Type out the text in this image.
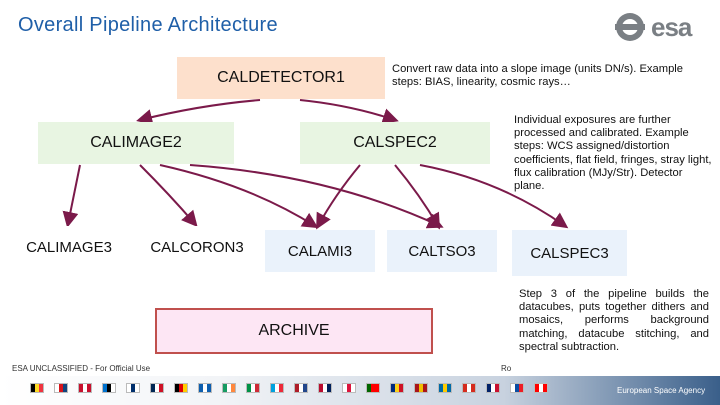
Overall Pipeline Architecture	esa
CALDETECTOR1
CALIMAGE2	CALSPEC2
CALIMAGE3	CALCORON3	CALAMI3	CALTSO3	CALSPEC3
ARCHIVE
Convert raw data into a slope image (units DN/s). Example steps: BIAS, linearity, cosmic rays…
Individual exposures are further processed and calibrated. Example steps: WCS assigned/distortion coefficients, flat field, fringes, stray light, flux calibration (MJy/Str). Detector plane.
Step 3 of the pipeline builds the datacubes, puts together dithers and mosaics, performs background matching, datacube stitching, and spectral subtraction.
ESA UNCLASSIFIED - For Official Use	Ro
European Space Agency
